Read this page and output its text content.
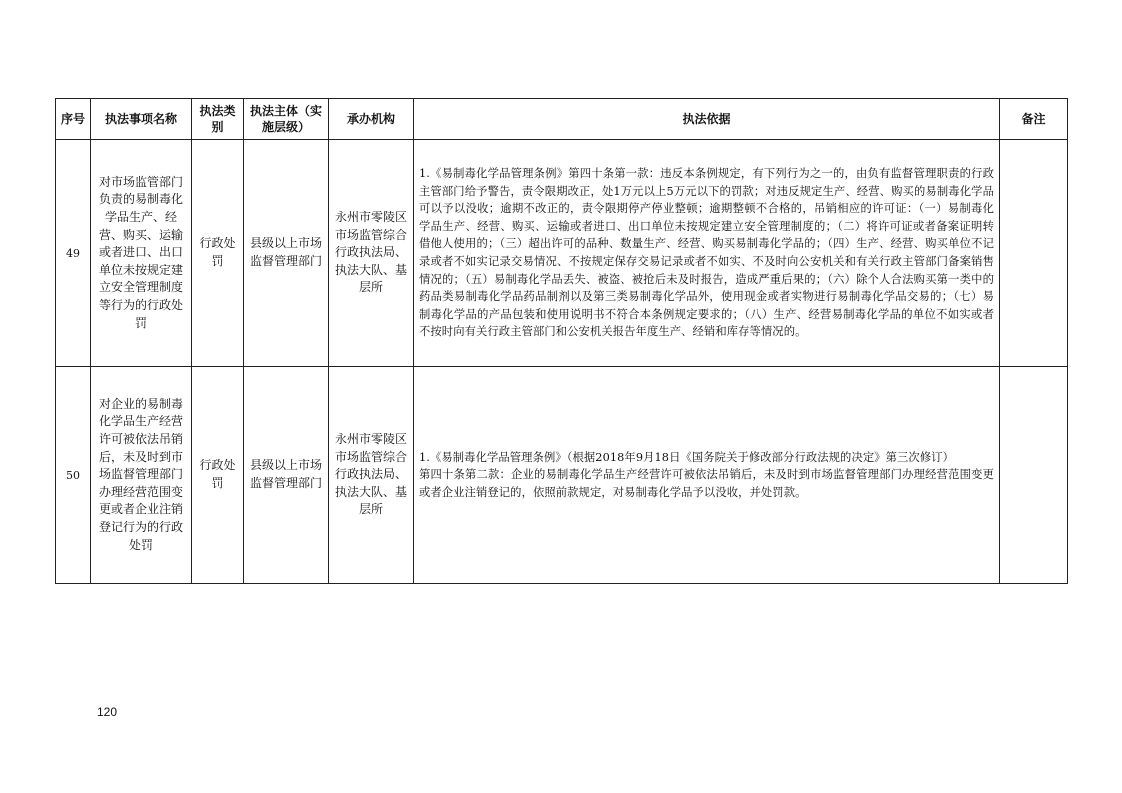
序号	执法事项名称	执法类别	执法主体（实施层级）	承办机构	执法依据	备注
49	对市场监管部门负责的易制毒化学品生产、经营、购买、运输或者进口、出口单位未按规定建立安全管理制度等行为的行政处罚	行政处罚	县级以上市场监督管理部门	永州市零陵区市场监管综合行政执法局、执法大队、基层所	1.《易制毒化学品管理条例》第四十条第一款：违反本条例规定，有下列行为之一的，由负有监督管理职责的行政主管部门给予警告，责令限期改正，处1万元以上5万元以下的罚款；对违反规定生产、经营、购买的易制毒化学品可以予以没收；逾期不改正的，责令限期停产停业整顿；逾期整顿不合格的，吊销相应的许可证：（一）易制毒化学品生产、经营、购买、运输或者进口、出口单位未按规定建立安全管理制度的；（二）将许可证或者备案证明转借他人使用的；（三）超出许可的品种、数量生产、经营、购买易制毒化学品的；（四）生产、经营、购买单位不记录或者不如实记录交易情况、不按规定保存交易记录或者不如实、不及时向公安机关和有关行政主管部门备案销售情况的；（五）易制毒化学品丢失、被盗、被抢后未及时报告，造成严重后果的；（六）除个人合法购买第一类中的药品类易制毒化学品药品制剂以及第三类易制毒化学品外，使用现金或者实物进行易制毒化学品交易的；（七）易制毒化学品的产品包装和使用说明书不符合本条例规定要求的；（八）生产、经营易制毒化学品的单位不如实或者不按时向有关行政主管部门和公安机关报告年度生产、经销和库存等情况的。	
50	对企业的易制毒化学品生产经营许可被依法吊销后，未及时到市场监督管理部门办理经营范围变更或者企业注销登记行为的行政处罚	行政处罚	县级以上市场监督管理部门	永州市零陵区市场监管综合行政执法局、执法大队、基层所	1.《易制毒化学品管理条例》（根据2018年9月18日《国务院关于修改部分行政法规的决定》第三次修订）
第四十条第二款：企业的易制毒化学品生产经营许可被依法吊销后，未及时到市场监督管理部门办理经营范围变更或者企业注销登记的，依照前款规定，对易制毒化学品予以没收，并处罚款。	
120
